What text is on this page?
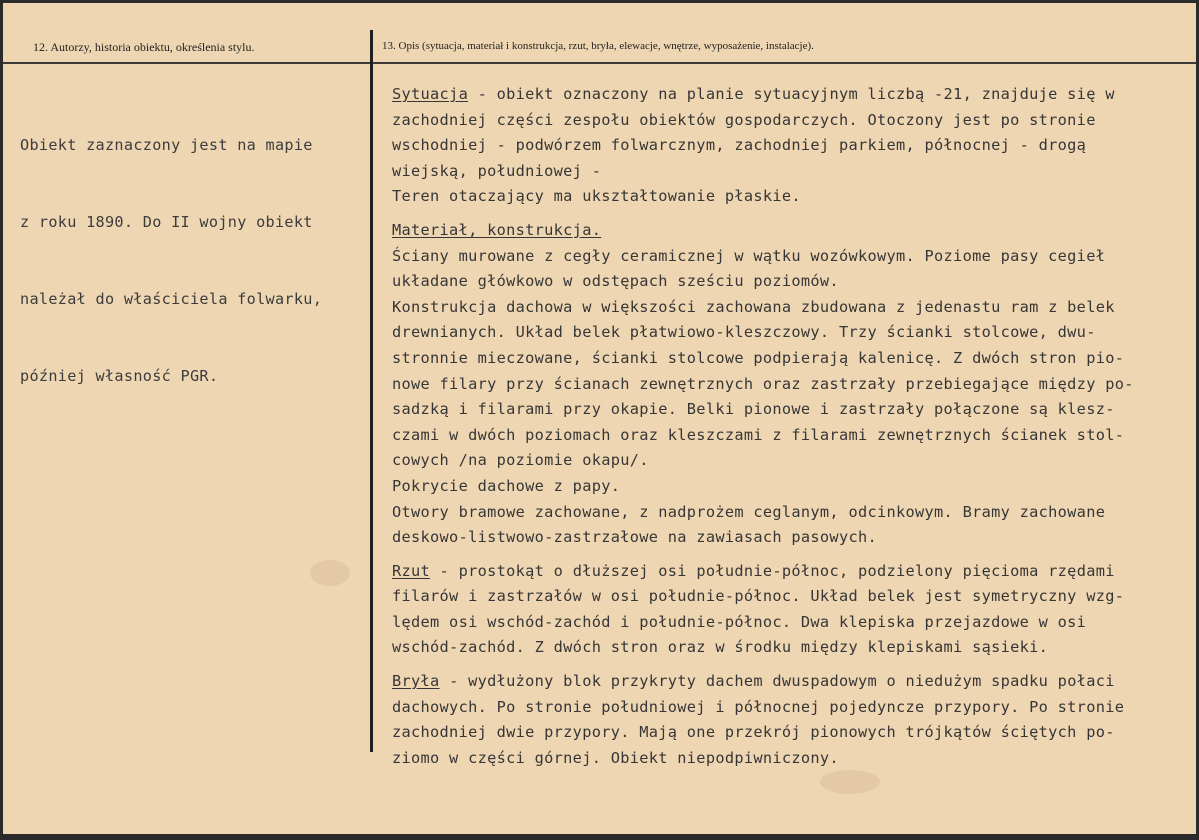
12. Autorzy, historia obiektu, określenia stylu.	13. Opis (sytuacja, materiał i konstrukcja, rzut, bryła, elewacje, wnętrze, wyposażenie, instalacje).

Obiekt zaznaczony jest na mapie

z roku 1890. Do II wojny obiekt

należał do właściciela folwarku,

później własność PGR.

Sytuacja - obiekt oznaczony na planie sytuacyjnym liczbą -21, znajduje się w

zachodniej części zespołu obiektów gospodarczych. Otoczony jest po stronie

wschodniej - podwórzem folwarcznym, zachodniej parkiem, północnej - drogą

wiejską, południowej -

Teren otaczający ma ukształtowanie płaskie.

Materiał, konstrukcja.

Ściany murowane z cegły ceramicznej w wątku wozówkowym. Poziome pasy cegieł

układane główkowo w odstępach sześciu poziomów.

Konstrukcja dachowa w większości zachowana zbudowana z jedenastu ram z belek

drewnianych. Układ belek płatwiowo-kleszczowy. Trzy ścianki stolcowe, dwu-

stronnie mieczowane, ścianki stolcowe podpierają kalenicę. Z dwóch stron pio-

nowe filary przy ścianach zewnętrznych oraz zastrzały przebiegające między po-

sadzką i filarami przy okapie. Belki pionowe i zastrzały połączone są klesz-

czami w dwóch poziomach oraz kleszczami z filarami zewnętrznych ścianek stol-

cowych /na poziomie okapu/.

Pokrycie dachowe z papy.

Otwory bramowe zachowane, z nadprożem ceglanym, odcinkowym. Bramy zachowane

deskowo-listwowo-zastrzałowe na zawiasach pasowych.

Rzut - prostokąt o dłuższej osi południe-północ, podzielony pięcioma rzędami

filarów i zastrzałów w osi południe-północ. Układ belek jest symetryczny wzg-

lędem osi wschód-zachód i południe-północ. Dwa klepiska przejazdowe w osi

wschód-zachód. Z dwóch stron oraz w środku między klepiskami sąsieki.

Bryła - wydłużony blok przykryty dachem dwuspadowym o niedużym spadku połaci

dachowych. Po stronie południowej i północnej pojedyncze przypory. Po stronie

zachodniej dwie przypory. Mają one przekrój pionowych trójkątów ściętych po-

ziomo w części górnej. Obiekt niepodpiwniczony.
